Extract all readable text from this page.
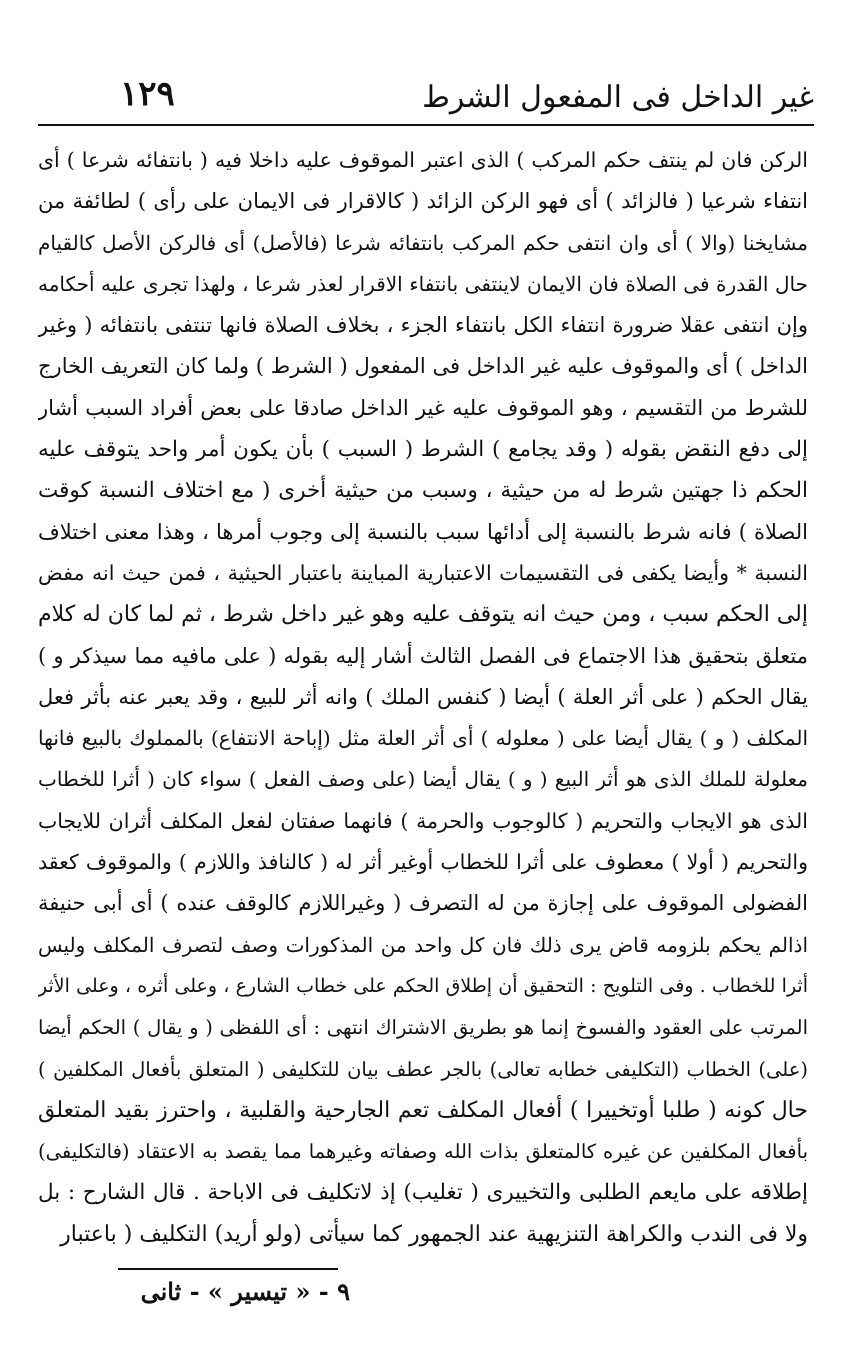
غير الداخل فى المفعول الشرط
١٢٩
الركن فان لم ينتف حكم المركب ) الذى اعتبر الموقوف عليه داخلا فيه ( بانتفائه شرعا ) أى
انتفاء شرعيا ( فالزائد ) أى فهو الركن الزائد ( كالاقرار فى الايمان على رأى ) لطائفة من
مشايخنا (والا ) أى وان انتفى حكم المركب بانتفائه شرعا (فالأصل) أى فالركن الأصل كالقيام
حال القدرة فى الصلاة فان الايمان لاينتفى بانتفاء الاقرار لعذر شرعا ، ولهذا تجرى عليه أحكامه
وإن انتفى عقلا ضرورة انتفاء الكل بانتفاء الجزء ، بخلاف الصلاة فانها تنتفى بانتفائه ( وغير
الداخل ) أى والموقوف عليه غير الداخل فى المفعول ( الشرط ) ولما كان التعريف الخارج
للشرط من التقسيم ، وهو الموقوف عليه غير الداخل صادقا على بعض أفراد السبب أشار
إلى دفع النقض بقوله ( وقد يجامع ) الشرط ( السبب ) بأن يكون أمر واحد يتوقف عليه
الحكم ذا جهتين شرط له من حيثية ، وسبب من حيثية أخرى ( مع اختلاف النسبة كوقت
الصلاة ) فانه شرط بالنسبة إلى أدائها سبب بالنسبة إلى وجوب أمرها ، وهذا معنى اختلاف
النسبة * وأيضا يكفى فى التقسيمات الاعتبارية المباينة باعتبار الحيثية ، فمن حيث انه مفض
إلى الحكم سبب ، ومن حيث انه يتوقف عليه وهو غير داخل شرط ، ثم لما كان له كلام
متعلق بتحقيق هذا الاجتماع فى الفصل الثالث أشار إليه بقوله ( على مافيه مما سيذكر و )
يقال الحكم ( على أثر العلة ) أيضا ( كنفس الملك ) وانه أثر للبيع ، وقد يعبر عنه بأثر فعل
المكلف ( و ) يقال أيضا على ( معلوله ) أى أثر العلة مثل (إباحة الانتفاع) بالمملوك بالبيع فانها
معلولة للملك الذى هو أثر البيع ( و ) يقال أيضا (على وصف الفعل ) سواء كان ( أثرا للخطاب
الذى هو الايجاب والتحريم ( كالوجوب والحرمة ) فانهما صفتان لفعل المكلف أثران للايجاب
والتحريم ( أولا ) معطوف على أثرا للخطاب أوغير أثر له ( كالنافذ واللازم ) والموقوف كعقد
الفضولى الموقوف على إجازة من له التصرف ( وغيراللازم كالوقف عنده ) أى أبى حنيفة
اذالم يحكم بلزومه قاض يرى ذلك فان كل واحد من المذكورات وصف لتصرف المكلف وليس
أثرا للخطاب . وفى التلويح : التحقيق أن إطلاق الحكم على خطاب الشارع ، وعلى أثره ، وعلى الأثر
المرتب على العقود والفسوخ إنما هو بطريق الاشتراك انتهى : أى اللفظى ( و يقال ) الحكم أيضا
(على) الخطاب (التكليفى خطابه تعالى) بالجر عطف بيان للتكليفى ( المتعلق بأفعال المكلفين )
حال كونه ( طلبا أوتخييرا ) أفعال المكلف تعم الجارحية والقلبية ، واحترز بقيد المتعلق
بأفعال المكلفين عن غيره كالمتعلق بذات الله وصفاته وغيرهما مما يقصد به الاعتقاد (فالتكليفى)
إطلاقه على مايعم الطلبى والتخييرى ( تغليب) إذ لاتكليف فى الاباحة . قال الشارح : بل
ولا فى الندب والكراهة التنزيهية عند الجمهور كما سيأتى (ولو أريد) التكليف ( باعتبار
٩ - « تيسير » - ثانى
